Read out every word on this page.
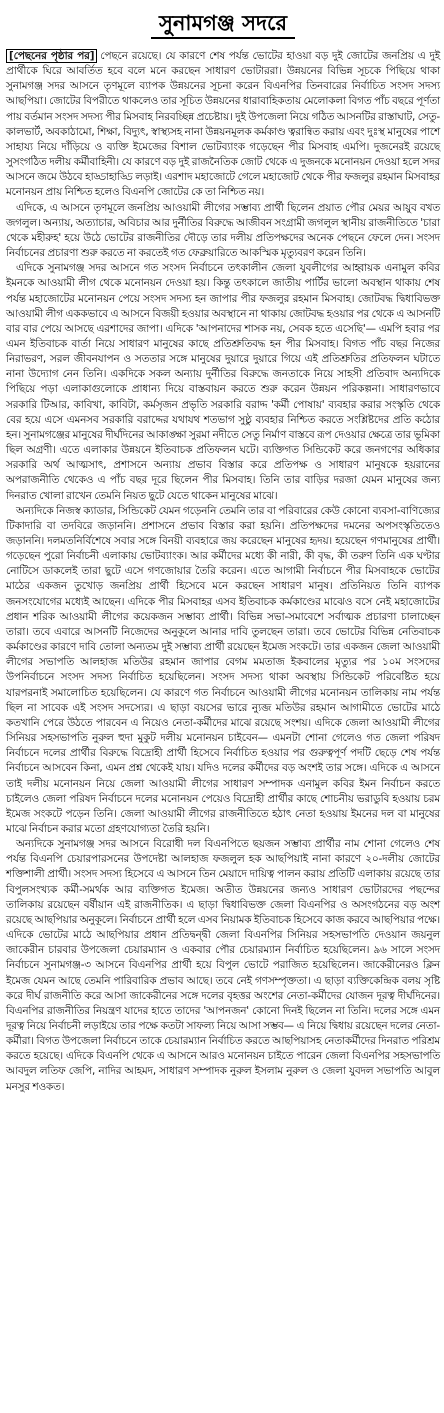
সুনামগঞ্জ সদরে

[পেছনের পৃষ্ঠার পর] পেছনে রয়েছে। যে কারণে শেষ পর্যন্ত ভোটের হাওয়া বড় দুই জোটের জনপ্রিয় এ দুই প্রার্থীকে ঘিরে আবর্তিত হবে বলে মনে করছেন সাধারণ ভোটাররা। উন্নয়নের বিভিন্ন সূচকে পিছিয়ে থাকা সুনামগঞ্জ সদর আসনে তৃণমূলে ব্যাপক উন্নয়নের সূচনা করেন বিএনপির তিনবারের নির্বাচিত সংসদ সদস্য আছপিয়া। জোটের বিপরীতে থাকলেও তার সূচিত উন্নয়নের ধারাবাহিকতায় মেলোকলা বিগত পাঁচ বছরে পূর্ণতা পায় বর্তমান সংসদ সদস্য পীর মিসবাহ নিরবচ্ছিন্ন প্রচেষ্টায়। দুই উপজেলা নিয়ে গঠিত আসনটির রাস্তাঘাট, সেতু-কালভার্ট, অবকাঠামো, শিক্ষা, বিদ্যুৎ, স্বাস্থ্যসহ নানা উন্নয়নমূলক কর্মকাণ্ড ত্বরান্বিত করায় এবং দুঃস্থ মানুষের পাশে সাহায্য নিয়ে দাঁড়িয়ে ও ব্যক্তি ইমেজের বিশাল ভোটব্যাংক গড়েছেন পীর মিসবাহ এমপি। দুজনেরই রয়েছে সুসংগঠিত দলীয় কর্মীবাহিনী। যে কারণে বড় দুই রাজনৈতিক জোট থেকে এ দুজনকে মনোনয়ন দেওয়া হলে সদর আসনে জমে উঠবে হাড্ডাহাড্ডি লড়াই। এরশাদ মহাজোটে গেলে মহাজোট থেকে পীর ফজলুর রহমান মিসবাহর মনোনয়ন প্রায় নিশ্চিত হলেও বিএনপি জোটের কে তা নিশ্চিত নয়।

এদিকে, এ আসনে তৃণমূলে জনপ্রিয় আওয়ামী লীগের সম্ভাব্য প্রার্থী ছিলেন প্রয়াত পৌর মেয়র আয়ুব বখত জগলুল। অন্যায়, অত্যাচার, অবিচার আর দুর্নীতির বিরুদ্ধে আজীবন সংগ্রামী জগলুল স্থানীয় রাজনীতিতে 'চারা থেকে মহীরুহ' হয়ে উঠে ভোটের রাজনীতির দৌড়ে তার দলীয় প্রতিপক্ষদের অনেক পেছনে ফেলে দেন। সংসদ নির্বাচনের প্রচারণা শুরু করতে না করতেই গত ফেব্রুয়ারিতে আকস্মিক মৃত্যুবরণ করেন তিনি।

এদিকে সুনামগঞ্জ সদর আসনে গত সংসদ নির্বাচনে তৎকালীন জেলা যুবলীগের আহ্বায়ক এনামুল কবির ইমনকে আওয়ামী লীগ থেকে মনোনয়ন দেওয়া হয়। কিন্তু তৎকালে জাতীয় পার্টির ভালো অবস্থান থাকায় শেষ পর্যন্ত মহাজোটের মনোনয়ন পেয়ে সংসদ সদস্য হন জাপার পীর ফজলুর রহমান মিসবাহ। জোটবদ্ধ দ্বিধাবিভক্ত আওয়ামী লীগ এককভাবে এ আসনে বিজয়ী হওয়ার অবস্থানে না থাকায় জোটবদ্ধ হওয়ার পর থেকে এ আসনটি বার বার পেয়ে আসছে এরশাদের জাপা। এদিকে 'আপনাদের শাসক নয়, সেবক হতে এসেছি'— এমপি হবার পর এমন ইতিবাচক বার্তা নিয়ে সাধারণ মানুষের কাছে প্রতিশ্রুতিবদ্ধ হন পীর মিসবাহ। বিগত পাঁচ বছর নিজের নিরাভরণ, সরল জীবনযাপন ও সততার সঙ্গে মানুষের দুয়ারে দুয়ারে গিয়ে এই প্রতিশ্রুতির প্রতিফলন ঘটাতে নানা উদ্যোগ নেন তিনি। একদিকে সকল অন্যায় দুর্নীতির বিরুদ্ধে জনতাকে নিয়ে সাহসী প্রতিবাদ অন্যদিকে পিছিয়ে পড়া এলাকাগুলোকে প্রাধান্য দিয়ে বাস্তবায়ন করতে শুরু করেন উন্নয়ন পরিকল্পনা। সাধারণভাবে সরকারি টিআর, কাবিখা, কাবিটা, কর্মসৃজন প্রভৃতি সরকারি বরাদ্দ 'কর্মী পোষায়' ব্যবহার করার সংস্কৃতি থেকে বের হয়ে এসে এমনসব সরকারি বরাদ্দের যথাযথ শতভাগ সুষ্ঠু ব্যবহার নিশ্চিত করতে সংশ্লিষ্টদের প্রতি কঠোর হন। সুনামগঞ্জের মানুষের দীর্ঘদিনের আকাঙ্ক্ষা সুরমা নদীতে সেতু নির্মাণ বাস্তবে রূপ দেওয়ার ক্ষেত্রে তার ভূমিকা ছিল অগ্রণী। এতে এলাকার উন্নয়নে ইতিবাচক প্রতিফলন ঘটে। ব্যক্তিগত সিন্ডিকেট করে জনগণের অধিকার সরকারি অর্থ আত্মসাৎ, প্রশাসনে অন্যায় প্রভাব বিস্তার করে প্রতিপক্ষ ও সাধারণ মানুষকে হয়রানের অপরাজনীতি থেকেও এ পাঁচ বছর দূরে ছিলেন পীর মিসবাহ। তিনি তার বাড়ির দরজা যেমন মানুষের জন্য দিনরাত খোলা রাখেন তেমনি নিয়ত ছুটে যেতে থাকেন মানুষের মাঝে।

অন্যদিকে নিজস্ব ক্যাডার, সিন্ডিকেট যেমন গড়েননি তেমনি তার বা পরিবারের কেউ কোনো ব্যবসা-বাণিজ্যের টিকাদারি বা তদবিরে জড়াননি। প্রশাসনে প্রভাব বিস্তার করা হয়নি। প্রতিপক্ষদের দমনের অপসংস্কৃতিতেও জড়াননি। দলমতনির্বিশেষে সবার সঙ্গে বিনয়ী ব্যবহারে জয় করেছেন মানুষের হৃদয়। হয়েছেন গণমানুষের প্রার্থী। গড়েছেন পুরো নির্বাচনী এলাকায় ভোটব্যাংক। আর কর্মীদের মধ্যে কী নারী, কী বৃদ্ধ, কী তরুণ তিনি এক ঘণ্টার নোটিসে ডাকলেই তারা ছুটে এসে গণজোয়ার তৈরি করেন। এতে আগামী নির্বাচনে পীর মিসবাহকে ভোটের মাঠের একজন তুখোড় জনপ্রিয় প্রার্থী হিসেবে মনে করছেন সাধারণ মানুষ। প্রতিনিয়ত তিনি ব্যাপক জনসংযোগের মধ্যেই আছেন। এদিকে পীর মিসবাহর এসব ইতিবাচক কর্মকাণ্ডের মাঝেও বসে নেই মহাজোটের প্রধান শরিক আওয়ামী লীগের কয়েকজন সম্ভাব্য প্রার্থী। বিভিন্ন সভা-সমাবেশে সর্বাত্মক প্রচারণা চালাচ্ছেন তারা। তবে এবারে আসনটি নিজেদের অনুকূলে আনার দাবি তুলছেন তারা। তবে ভোটের বিভিন্ন নেতিবাচক কর্মকাণ্ডের কারণে দাবি তোলা অন্যতম দুই সম্ভাব্য প্রার্থী রয়েছেন ইমেজ সংকটে। তার একজন জেলা আওয়ামী লীগের সভাপতি আলহাজ মতিউর রহমান জাপার বেগম মমতাজ ইকবালের মৃত্যুর পর ১০ম সংসদের উপনির্বাচনে সংসদ সদস্য নির্বাচিত হয়েছিলেন। সংসদ সদস্য থাকা অবস্থায় সিন্ডিকেট পরিবেষ্টিত হয়ে যারপরনাই সমালোচিত হয়েছিলেন। যে কারণে গত নির্বাচনে আওয়ামী লীগের মনোনয়ন তালিকায় নাম পর্যন্ত ছিল না সাবেক এই সংসদ সদস্যের। এ ছাড়া বয়সের ভারে ন্যুব্জ মতিউর রহমান আগামীতে ভোটের মাঠে কতখানি পেরে উঠতে পারবেন এ নিয়েও নেতা-কর্মীদের মাঝে রয়েছে সংশয়। এদিকে জেলা আওয়ামী লীগের সিনিয়র সহসভাপতি নুরুল হুদা মুকুট দলীয় মনোনয়ন চাইবেন— এমনটা শোনা গেলেও গত জেলা পরিষদ নির্বাচনে দলের প্রার্থীর বিরুদ্ধে বিদ্রোহী প্রার্থী হিসেবে নির্বাচিত হওয়ার পর গুরুত্বপূর্ণ পদটি ছেড়ে শেষ পর্যন্ত নির্বাচনে আসবেন কিনা, এমন প্রশ্ন থেকেই যায়। যদিও দলের কর্মীদের বড় অংশই তার সঙ্গে। এদিকে এ আসনে তাই দলীয় মনোনয়ন নিয়ে জেলা আওয়ামী লীগের সাধারণ সম্পাদক এনামুল কবির ইমন নির্বাচন করতে চাইলেও জেলা পরিষদ নির্বাচনে দলের মনোনয়ন পেয়েও বিদ্রোহী প্রার্থীর কাছে শোচনীয় ভরাডুবি হওয়ায় চরম ইমেজ সংকটে পড়েন তিনি। জেলা আওয়ামী লীগের রাজনীতিতে হঠাৎ নেতা হওয়ায় ইমনের দল বা মানুষের মাঝে নির্বাচন করার মতো গ্রহণযোগ্যতা তৈরি হয়নি।

অন্যদিকে সুনামগঞ্জ সদর আসনে বিরোধী দল বিএনপিতে ছয়জন সম্ভাব্য প্রার্থীর নাম শোনা গেলেও শেষ পর্যন্ত বিএনপি চেয়ারপারসনের উপদেষ্টা আলহাজ ফজলুল হক আছপিয়াই নানা কারণে ২০-দলীয় জোটের শক্তিশালী প্রার্থী। সংসদ সদস্য হিসেবে এ আসনে তিন মেয়াদে দায়িত্ব পালন করায় প্রতিটি এলাকায় রয়েছে তার বিপুলসংখ্যক কর্মী-সমর্থক আর ব্যক্তিগত ইমেজ। অতীত উন্নয়নের জন্যও সাধারণ ভোটারদের পছন্দের তালিকায় রয়েছেন বর্ষীয়ান এই রাজনীতিক। এ ছাড়া দ্বিধাবিভক্ত জেলা বিএনপির ও অসংগঠনের বড় অংশ রয়েছে আছপিয়ার অনুকূলে। নির্বাচনে প্রার্থী হলে এসব নিয়ামক ইতিবাচক হিসেবে কাজ করবে আছপিয়ার পক্ষে। এদিকে ভোটের মাঠে আছপিয়ার প্রধান প্রতিদ্বন্দ্বী জেলা বিএনপির সিনিয়র সহসভাপতি দেওয়ান জয়নুল জাকেরীন চারবার উপজেলা চেয়ারম্যান ও একবার পৌর চেয়ারম্যান নির্বাচিত হয়েছিলেন। ৯৬ সালে সংসদ নির্বাচনে সুনামগঞ্জ-৩ আসনে বিএনপির প্রার্থী হয়ে বিপুল ভোটে পরাজিত হয়েছিলেন। জাকেরীনেরও ক্লিন ইমেজ যেমন আছে তেমনি পারিবারিক প্রভাব আছে। তবে নেই গণসম্পৃক্ততা। এ ছাড়া ব্যক্তিকেন্দ্রিক বলয় সৃষ্টি করে দীর্ঘ রাজনীতি করে আসা জাকেরীনের সঙ্গে দলের বৃহত্তর অংশের নেতা-কর্মীদের যোজন দূরত্ব দীর্ঘদিনের। বিএনপির রাজনীতির নিয়ন্ত্রণ যাদের হাতে তাদের 'আপনজন' কোনো দিনই ছিলেন না তিনি। দলের সঙ্গে এমন দূরত্ব নিয়ে নির্বাচনী লড়াইয়ে তার পক্ষে কতটা সাফল্য নিয়ে আসা সম্ভব— এ নিয়ে দ্বিধায় রয়েছেন দলের নেতা-কর্মীরা। বিগত উপজেলা নির্বাচনে তাকে চেয়ারম্যান নির্বাচিত করতে আছপিয়াসহ নেতাকর্মীদের দিনরাত পরিশ্রম করতে হয়েছে। এদিকে বিএনপি থেকে এ আসনে আরও মনোনয়ন চাইতে পারেন জেলা বিএনপির সহসভাপতি আবদুল লতিফ জেপি, নাদির আহমদ, সাধারণ সম্পাদক নুরুল ইসলাম নুরুল ও জেলা যুবদল সভাপতি আবুল মনসুর শওকত।
